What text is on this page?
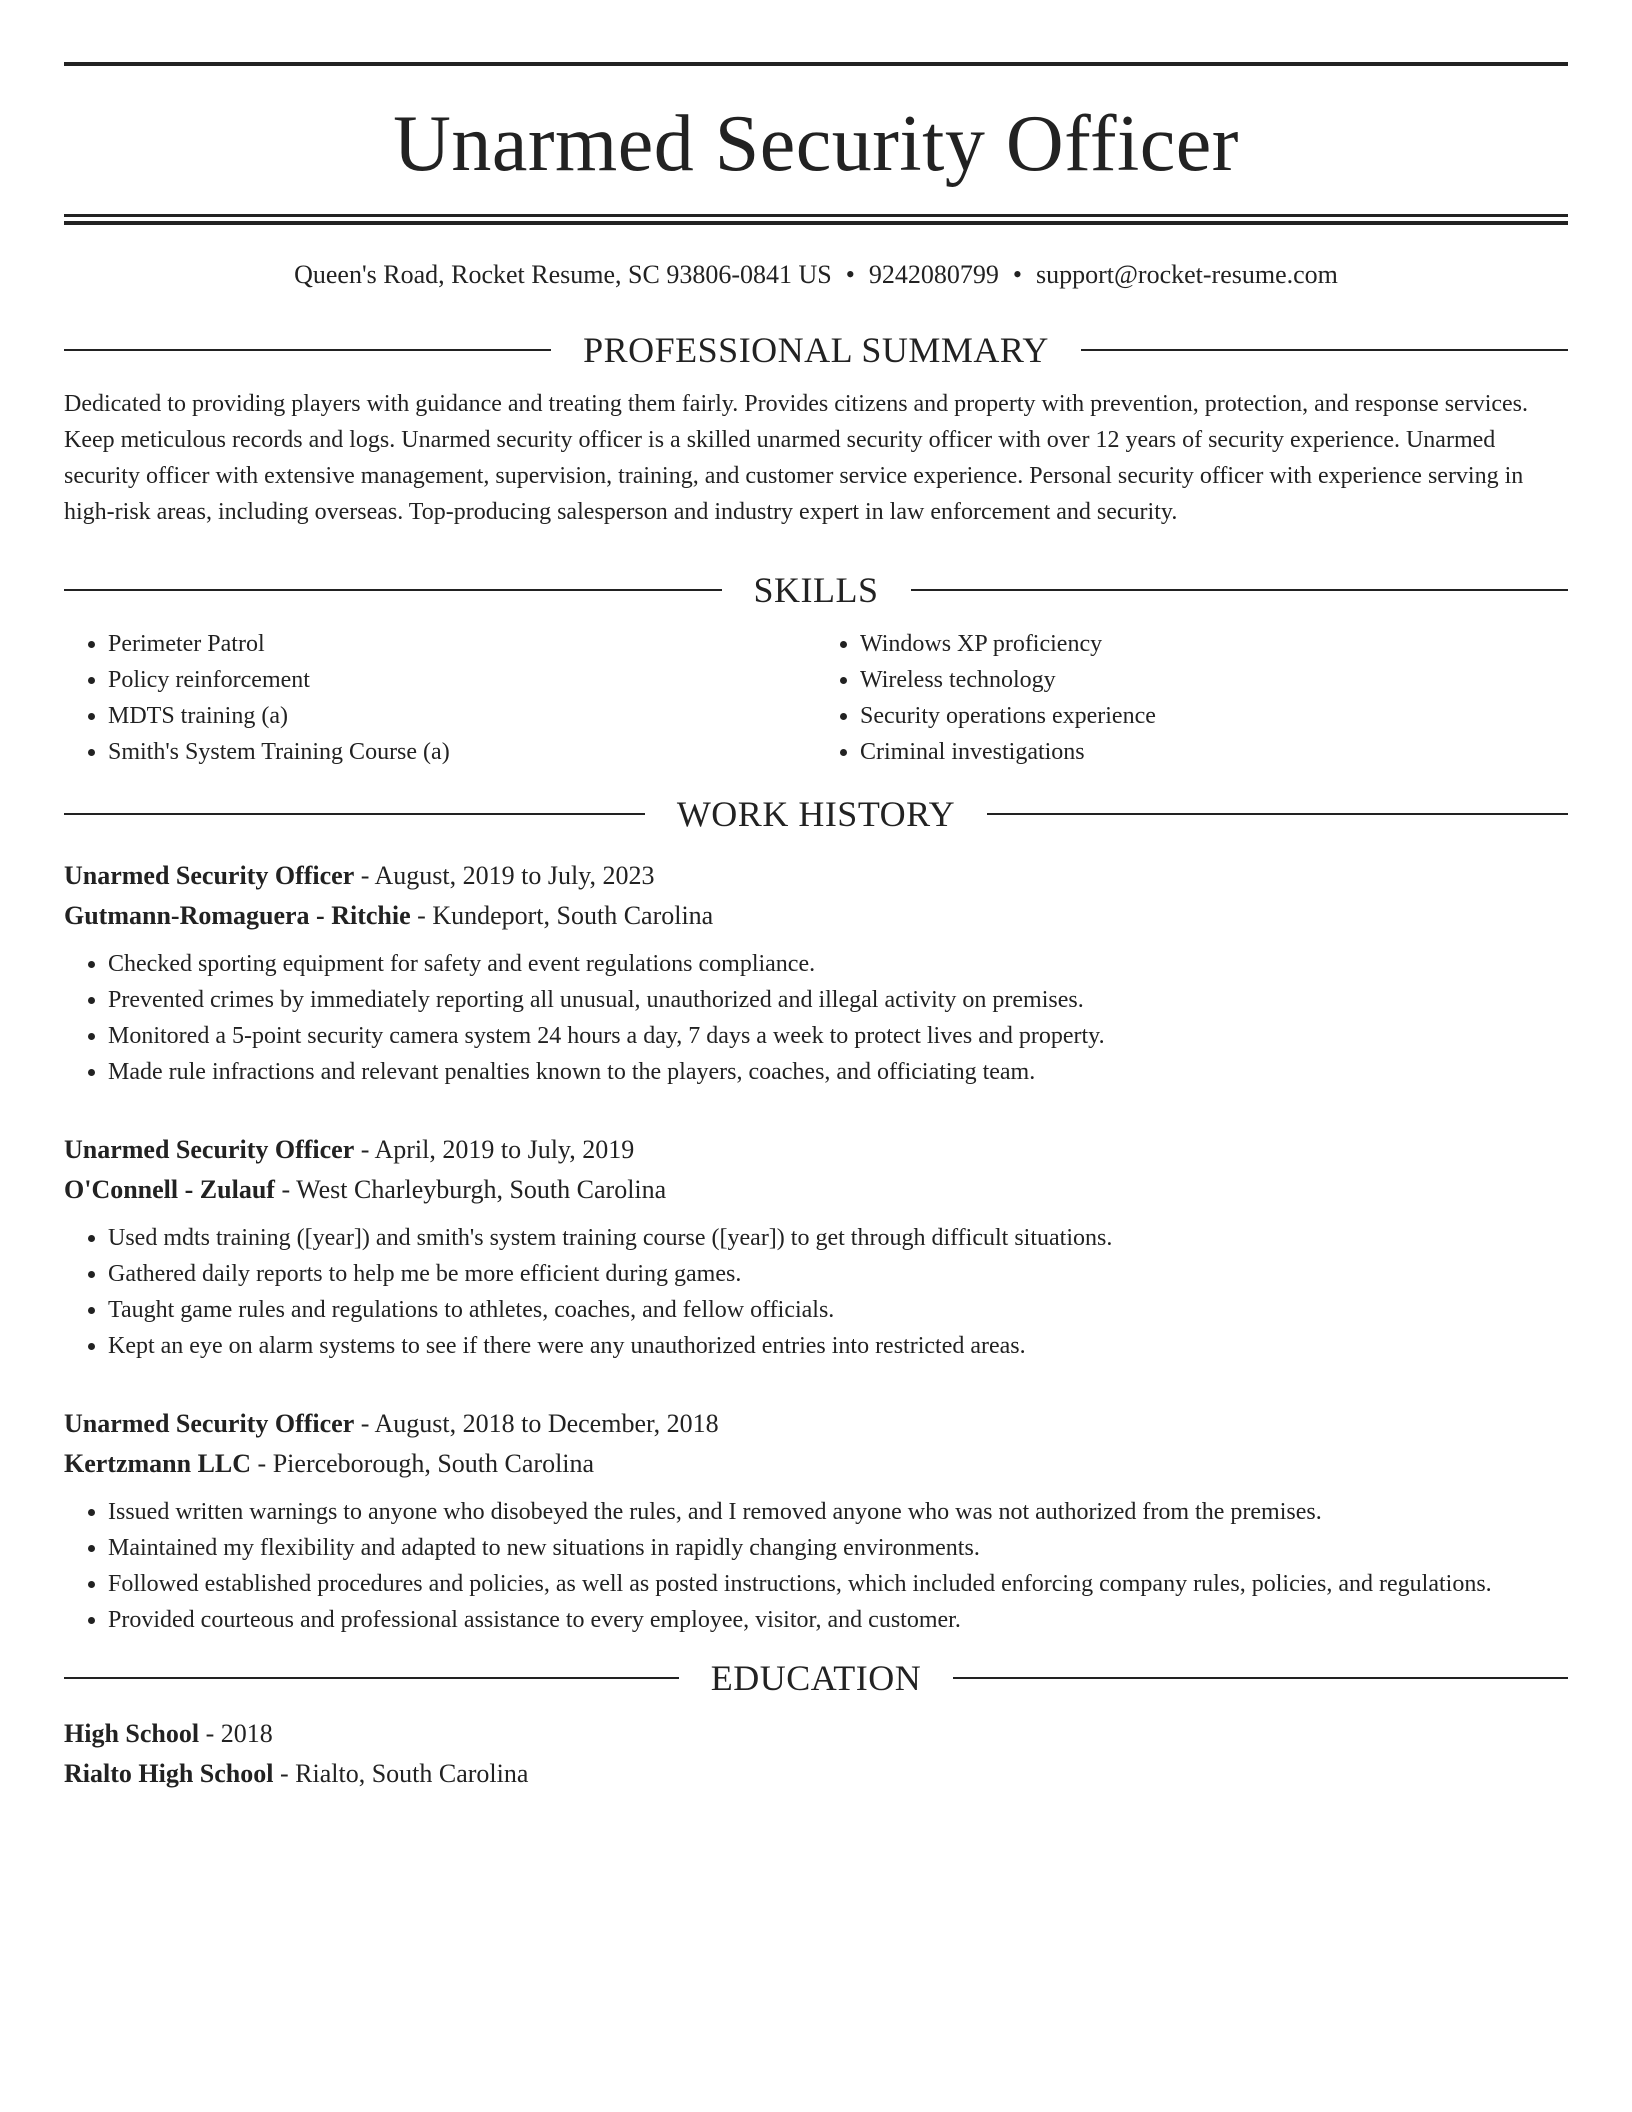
Unarmed Security Officer
Queen's Road, Rocket Resume, SC 93806-0841 US • 9242080799 • support@rocket-resume.com
PROFESSIONAL SUMMARY

Dedicated to providing players with guidance and treating them fairly. Provides citizens and property with prevention, protection, and response services. Keep meticulous records and logs. Unarmed security officer is a skilled unarmed security officer with over 12 years of security experience. Unarmed security officer with extensive management, supervision, training, and customer service experience. Personal security officer with experience serving in high-risk areas, including overseas. Top-producing salesperson and industry expert in law enforcement and security.

SKILLS
• Perimeter Patrol
• Policy reinforcement
• MDTS training (a)
• Smith's System Training Course (a)
• Windows XP proficiency
• Wireless technology
• Security operations experience
• Criminal investigations
WORK HISTORY
Unarmed Security Officer - August, 2019 to July, 2023
Gutmann-Romaguera - Ritchie - Kundeport, South Carolina
• Checked sporting equipment for safety and event regulations compliance.
• Prevented crimes by immediately reporting all unusual, unauthorized and illegal activity on premises.
• Monitored a 5-point security camera system 24 hours a day, 7 days a week to protect lives and property.
• Made rule infractions and relevant penalties known to the players, coaches, and officiating team.
Unarmed Security Officer - April, 2019 to July, 2019
O'Connell - Zulauf - West Charleyburgh, South Carolina
• Used mdts training ([year]) and smith's system training course ([year]) to get through difficult situations.
• Gathered daily reports to help me be more efficient during games.
• Taught game rules and regulations to athletes, coaches, and fellow officials.
• Kept an eye on alarm systems to see if there were any unauthorized entries into restricted areas.
Unarmed Security Officer - August, 2018 to December, 2018
Kertzmann LLC - Pierceborough, South Carolina
• Issued written warnings to anyone who disobeyed the rules, and I removed anyone who was not authorized from the premises.
• Maintained my flexibility and adapted to new situations in rapidly changing environments.
• Followed established procedures and policies, as well as posted instructions, which included enforcing company rules, policies, and regulations.
• Provided courteous and professional assistance to every employee, visitor, and customer.
EDUCATION
High School - 2018
Rialto High School - Rialto, South Carolina
